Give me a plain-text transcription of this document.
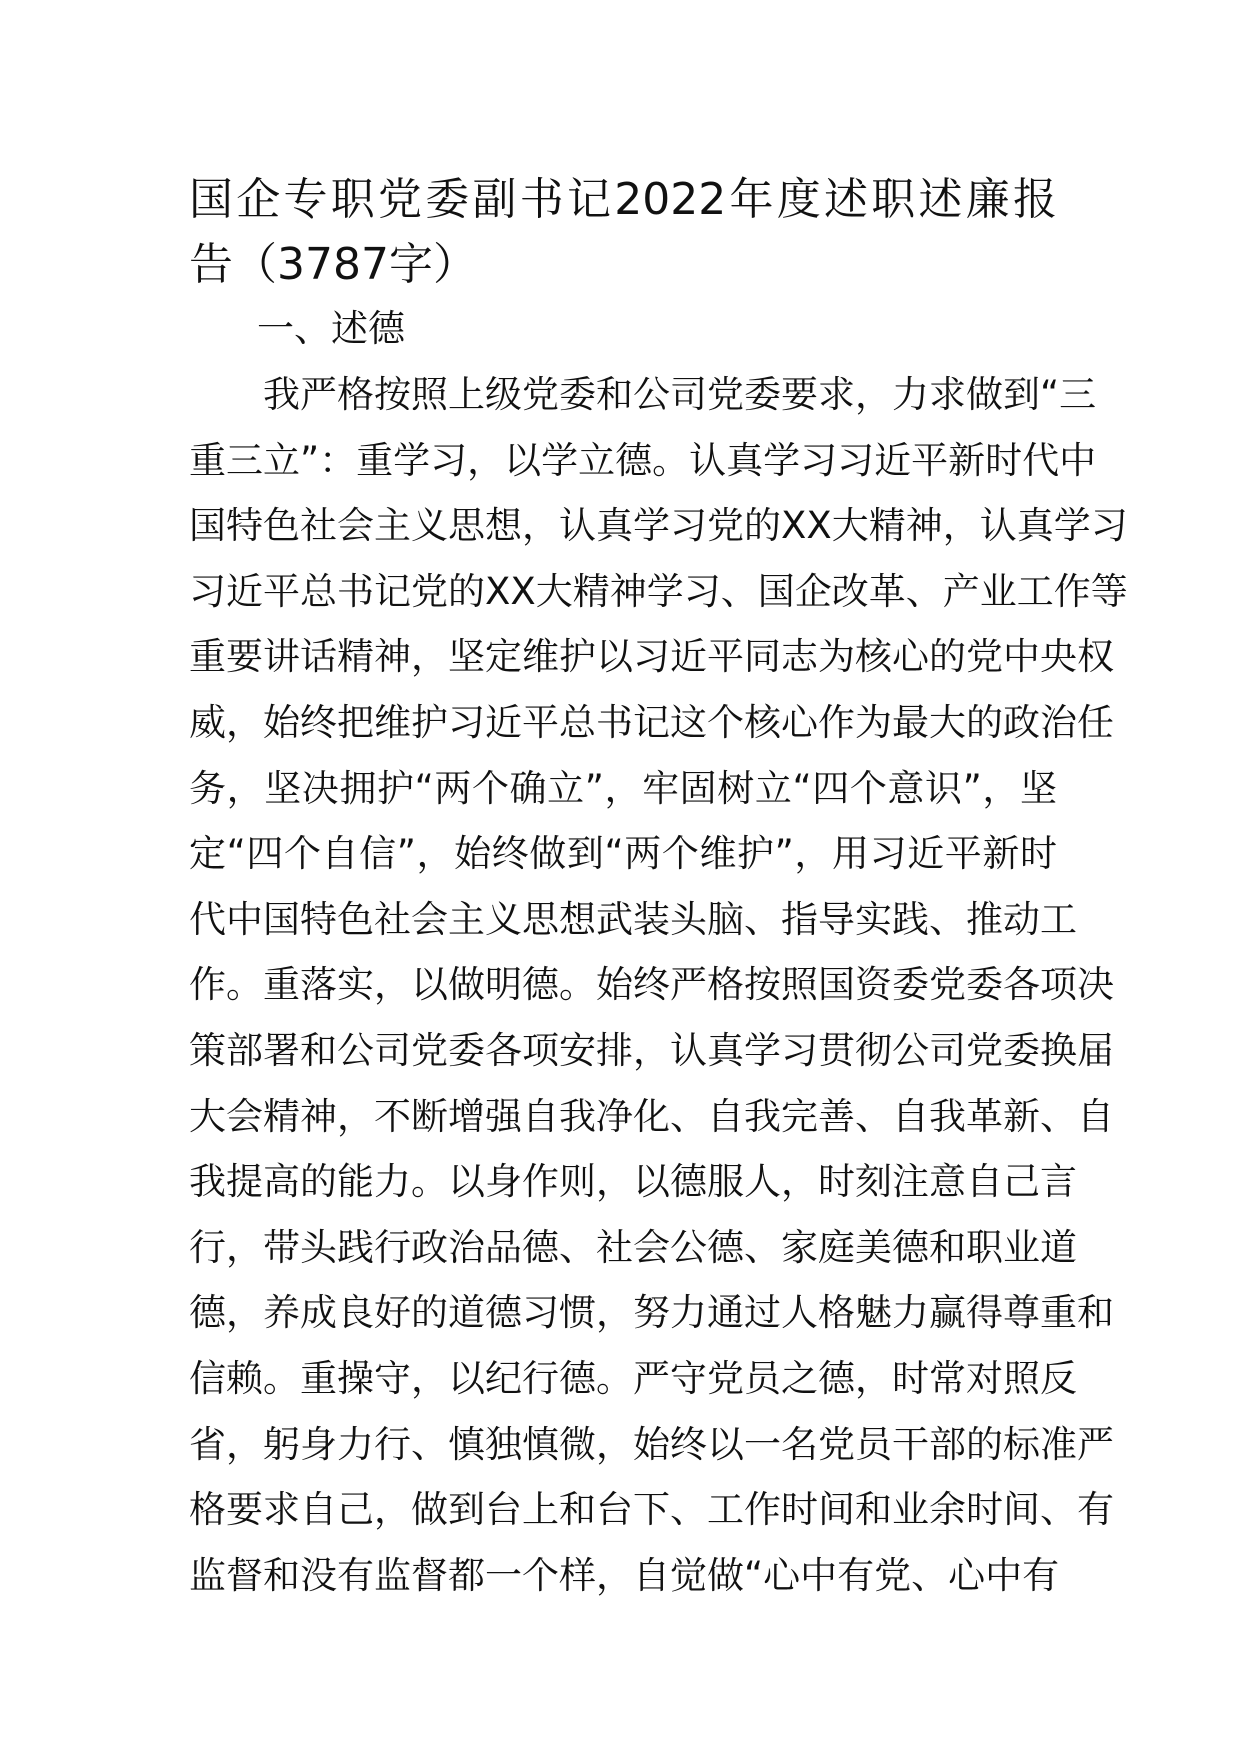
国企专职党委副书记2022年度述职述廉报
告（3787字）
一、述德
我严格按照上级党委和公司党委要求，力求做到“三
重三立”：重学习，以学立德。认真学习习近平新时代中
国特色社会主义思想，认真学习党的XX大精神，认真学习
习近平总书记党的XX大精神学习、国企改革、产业工作等
重要讲话精神，坚定维护以习近平同志为核心的党中央权
威，始终把维护习近平总书记这个核心作为最大的政治任
务，坚决拥护“两个确立”，牢固树立“四个意识”，坚
定“四个自信”，始终做到“两个维护”，用习近平新时
代中国特色社会主义思想武装头脑、指导实践、推动工
作。重落实，以做明德。始终严格按照国资委党委各项决
策部署和公司党委各项安排，认真学习贯彻公司党委换届
大会精神，不断增强自我净化、自我完善、自我革新、自
我提高的能力。以身作则，以德服人，时刻注意自己言
行，带头践行政治品德、社会公德、家庭美德和职业道
德，养成良好的道德习惯，努力通过人格魅力赢得尊重和
信赖。重操守，以纪行德。严守党员之德，时常对照反
省，躬身力行、慎独慎微，始终以一名党员干部的标准严
格要求自己，做到台上和台下、工作时间和业余时间、有
监督和没有监督都一个样，自觉做“心中有党、心中有
